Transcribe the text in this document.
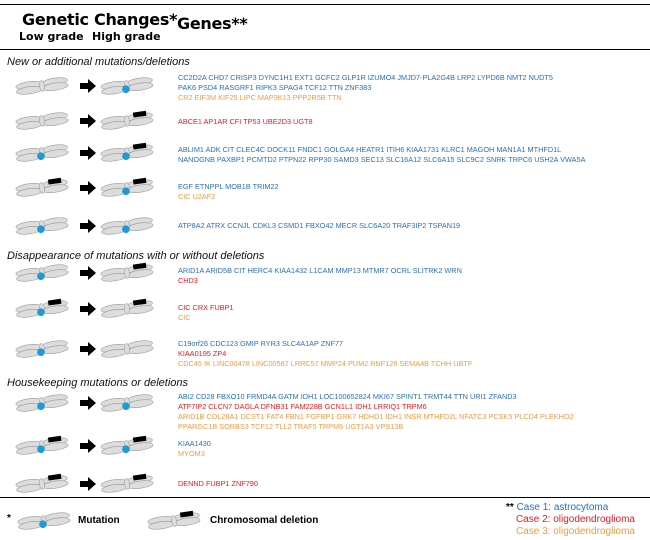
Genetic Changes* Genes**
Low grade High grade
New or additional mutations/deletions
Disappearance of mutations with or without deletions
Housekeeping mutations or deletions
CC2D2A CHD7 CRISP3 DYNC1H1 EXT1 GCFC2 GLP1R IZUMO4 JMJD7-PLA2G4B LRP2 LYPD6B NMT2 NUDT5
PAK6 PSD4 RASGRF1 RIPK3 SPAG4 TCF12 TTN ZNF383
CR2 EIF3M KIF25 LIPC MAP3K13 PPP2R5B TTN
ABCE1 AP1AR CFI TP53 UBE2D3 UGT8
ABLIM1 ADK CIT CLEC4C DOCK11 FNDC1 GOLGA4 HEATR1 ITIH6 KIAA1731 KLRC1 MAGOH MAN1A1 MTHFD1L
NANOGNB PAXBP1 PCMTD2 PTPN22 RPP30 SAMD3 SEC13 SLC16A12 SLC6A15 SLC9C2 SNRK TRPC6 USH2A VWA5A
EGF ETNPPL MOB1B TRIM22
CIC U2AF2
ATP8A2 ATRX CCNJL CDKL3 CSMD1 FBXO42 MECR SLC6A20 TRAF3IP2 TSPAN19
ARID1A ARID5B CIT HERC4 KIAA1432 L1CAM MMP13 MTMR7 OCRL SLITRK2 WRN
CHD3
CIC CRX FUBP1
CIC
C19orf26 CDC123 GMIP RYR3 SLC4A1AP ZNF77
KIAA0195 ZP4
CDC45 IK LINC00478 LINC00587 LRRC57 MMP24 PUM2 RNF128 SEMA4B TCHH UBTF
ABI2 CD28 FBXO10 FRMD4A GATM IDH1 LOC100652824 MKI67 SPINT1 TRMT44 TTN URI1 ZFAND3
ATF7IP2 CLCN7 DAGLA DFNB31 FAM228B GCN1L1 IDH1 LRRIQ1 TRPM6
ARID1B COL28A1 DCST1 FAT4 FBN1 FGFBP1 GRK7 HDHD1 IDH1 INSR MTHFD2L NFATC3 PCSK5 PLCD4 PLEKHO2
PPARGC1B SORBS3 TCF12 TLL2 TRAF5 TRPM6 UGT1A3 VPS13B
KIAA1430
MYOM3
DENND FUBP1 ZNF790
*	Mutation	Chromosomal deletion
** Case 1: astrocytoma
Case 2: oligodendroglioma
Case 3: oligodendroglioma
